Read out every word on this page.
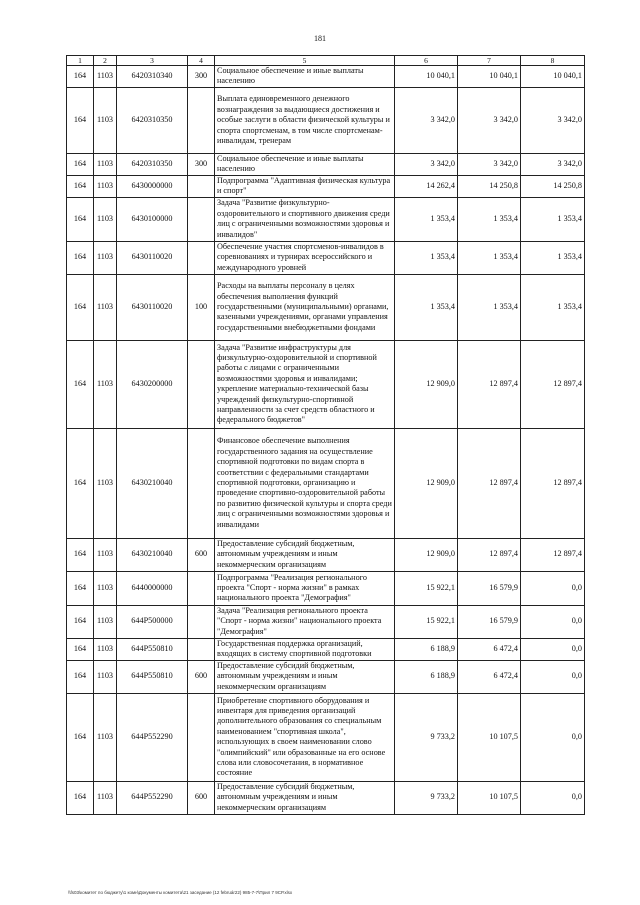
181
1	2	3	4	5	6	7	8
164	1103	6420310340	300	Социальное обеспечение и иные выплаты населению	10 040,1	10 040,1	10 040,1
164	1103	6420310350		Выплата единовременного денежного вознаграждения за выдающиеся достижения и особые заслуги в области физической культуры и спорта спортсменам, в том числе спортсменам-инвалидам, тренерам	3 342,0	3 342,0	3 342,0
164	1103	6420310350	300	Социальное обеспечение и иные выплаты населению	3 342,0	3 342,0	3 342,0
164	1103	6430000000		Подпрограмма "Адаптивная физическая культура и спорт"	14 262,4	14 250,8	14 250,8
164	1103	6430100000		Задача "Развитие физкультурно-оздоровительного и спортивного движения среди лиц с ограниченными возможностями здоровья и инвалидов"	1 353,4	1 353,4	1 353,4
164	1103	6430110020		Обеспечение участия спортсменов-инвалидов в соревнованиях и турнирах всероссийского и международного уровней	1 353,4	1 353,4	1 353,4
164	1103	6430110020	100	Расходы на выплаты персоналу в целях обеспечения выполнения функций государственными (муниципальными) органами, казенными учреждениями, органами управления государственными внебюджетными фондами	1 353,4	1 353,4	1 353,4
164	1103	6430200000		Задача "Развитие инфраструктуры для физкультурно-оздоровительной и спортивной работы с лицами с ограниченными возможностями здоровья и инвалидами; укрепление материально-технической базы учреждений физкультурно-спортивной направленности за счет средств областного и федерального бюджетов"	12 909,0	12 897,4	12 897,4
164	1103	6430210040		Финансовое обеспечение выполнения государственного задания на осуществление спортивной подготовки по видам спорта в соответствии с федеральными стандартами спортивной подготовки, организацию и проведение спортивно-оздоровительной работы по развитию физической культуры и спорта среди лиц с ограниченными возможностями здоровья и инвалидами	12 909,0	12 897,4	12 897,4
164	1103	6430210040	600	Предоставление субсидий бюджетным, автономным учреждениям и иным некоммерческим организациям	12 909,0	12 897,4	12 897,4
164	1103	6440000000		Подпрограмма "Реализация регионального проекта "Спорт - норма жизни" в рамках национального проекта "Демография"	15 922,1	16 579,9	0,0
164	1103	644P500000		Задача "Реализация регионального проекта "Спорт - норма жизни" национального проекта "Демография"	15 922,1	16 579,9	0,0
164	1103	644P550810		Государственная поддержка организаций, входящих в систему спортивной подготовки	6 188,9	6 472,4	0,0
164	1103	644P550810	600	Предоставление субсидий бюджетным, автономным учреждениям и иным некоммерческим организациям	6 188,9	6 472,4	0,0
164	1103	644P552290		Приобретение спортивного оборудования и инвентаря для приведения организаций дополнительного образования со специальным наименованием "спортивная школа", использующих в своем наименовании слово "олимпийский" или образованные на его основе слова или словосочетания, в нормативное состояние	9 733,2	10 107,5	0,0
164	1103	644P552290	600	Предоставление субсидий бюджетным, автономным учреждениям и иным некоммерческим организациям	9 733,2	10 107,5	0,0
\\fs03\комитет по бюджету\1 комн\Документы комитета\21 заседание (12 február22) 985-7-7\Прил 7 9СР.xlsx
